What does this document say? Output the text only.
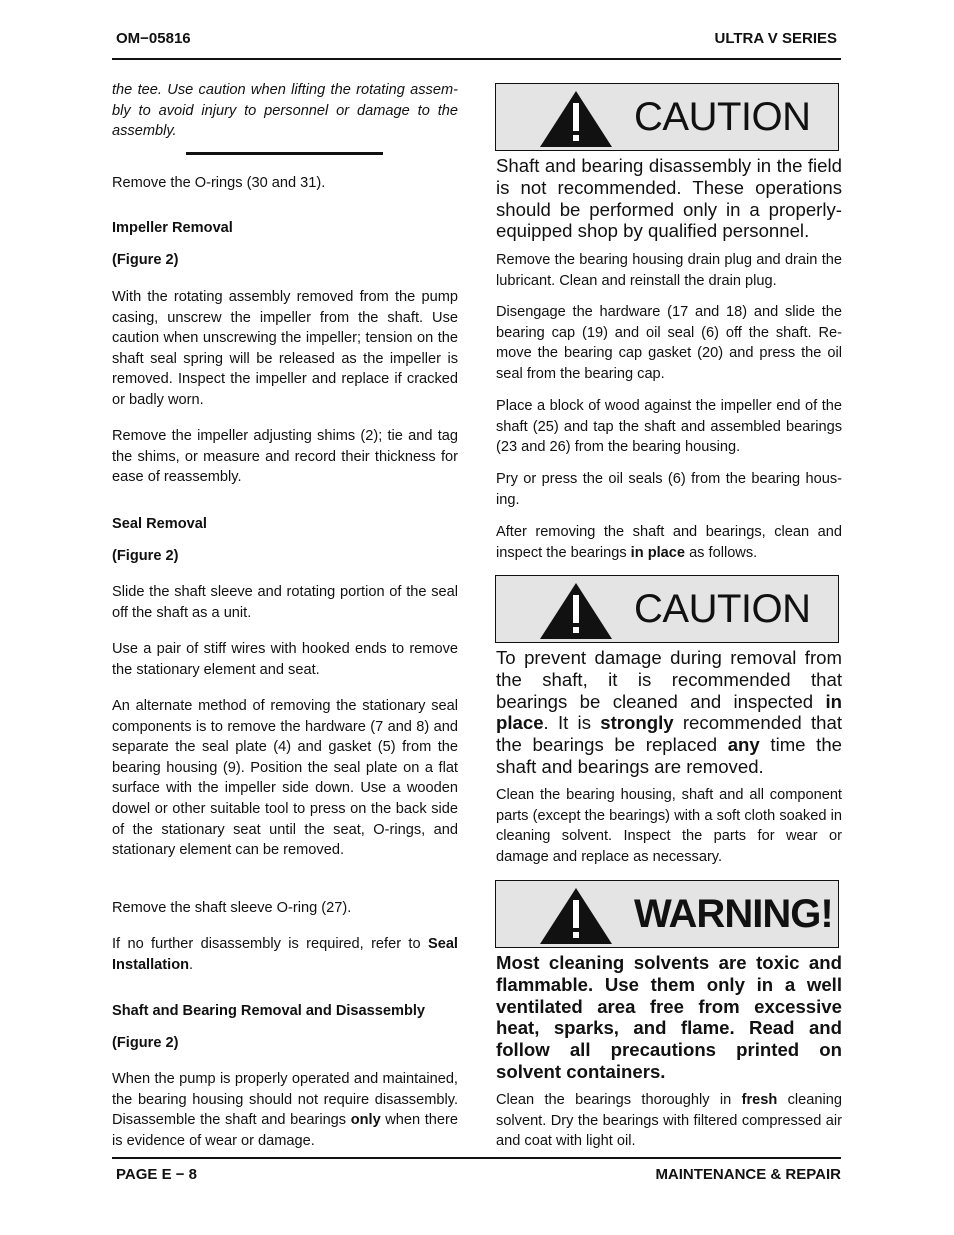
OM−05816	ULTRA V SERIES

the tee. Use caution when lifting the rotating assembly to avoid injury to personnel or damage to the assembly.

Remove the O-rings (30 and 31).

Impeller Removal
(Figure 2)

With the rotating assembly removed from the pump casing, unscrew the impeller from the shaft. Use caution when unscrewing the impeller; tension on the shaft seal spring will be released as the impeller is removed. Inspect the impeller and replace if cracked or badly worn.

Remove the impeller adjusting shims (2); tie and tag the shims, or measure and record their thickness for ease of reassembly.

Seal Removal
(Figure 2)

Slide the shaft sleeve and rotating portion of the seal off the shaft as a unit.

Use a pair of stiff wires with hooked ends to remove the stationary element and seat.

An alternate method of removing the stationary seal components is to remove the hardware (7 and 8) and separate the seal plate (4) and gasket (5) from the bearing housing (9). Position the seal plate on a flat surface with the impeller side down. Use a wooden dowel or other suitable tool to press on the back side of the stationary seat until the seat, O-rings, and stationary element can be removed.

Remove the shaft sleeve O-ring (27).

If no further disassembly is required, refer to Seal Installation.

Shaft and Bearing Removal and Disassembly
(Figure 2)

When the pump is properly operated and maintained, the bearing housing should not require disassembly. Disassemble the shaft and bearings only when there is evidence of wear or damage.

CAUTION

Shaft and bearing disassembly in the field is not recommended. These operations should be performed only in a properly-equipped shop by qualified personnel.

Remove the bearing housing drain plug and drain the lubricant. Clean and reinstall the drain plug.

Disengage the hardware (17 and 18) and slide the bearing cap (19) and oil seal (6) off the shaft. Remove the bearing cap gasket (20) and press the oil seal from the bearing cap.

Place a block of wood against the impeller end of the shaft (25) and tap the shaft and assembled bearings (23 and 26) from the bearing housing.

Pry or press the oil seals (6) from the bearing housing.

After removing the shaft and bearings, clean and inspect the bearings in place as follows.

CAUTION

To prevent damage during removal from the shaft, it is recommended that bearings be cleaned and inspected in place. It is strongly recommended that the bearings be replaced any time the shaft and bearings are removed.

Clean the bearing housing, shaft and all component parts (except the bearings) with a soft cloth soaked in cleaning solvent. Inspect the parts for wear or damage and replace as necessary.

WARNING!

Most cleaning solvents are toxic and flammable. Use them only in a well ventilated area free from excessive heat, sparks, and flame. Read and follow all precautions printed on solvent containers.

Clean the bearings thoroughly in fresh cleaning solvent. Dry the bearings with filtered compressed air and coat with light oil.

PAGE E − 8	MAINTENANCE & REPAIR
